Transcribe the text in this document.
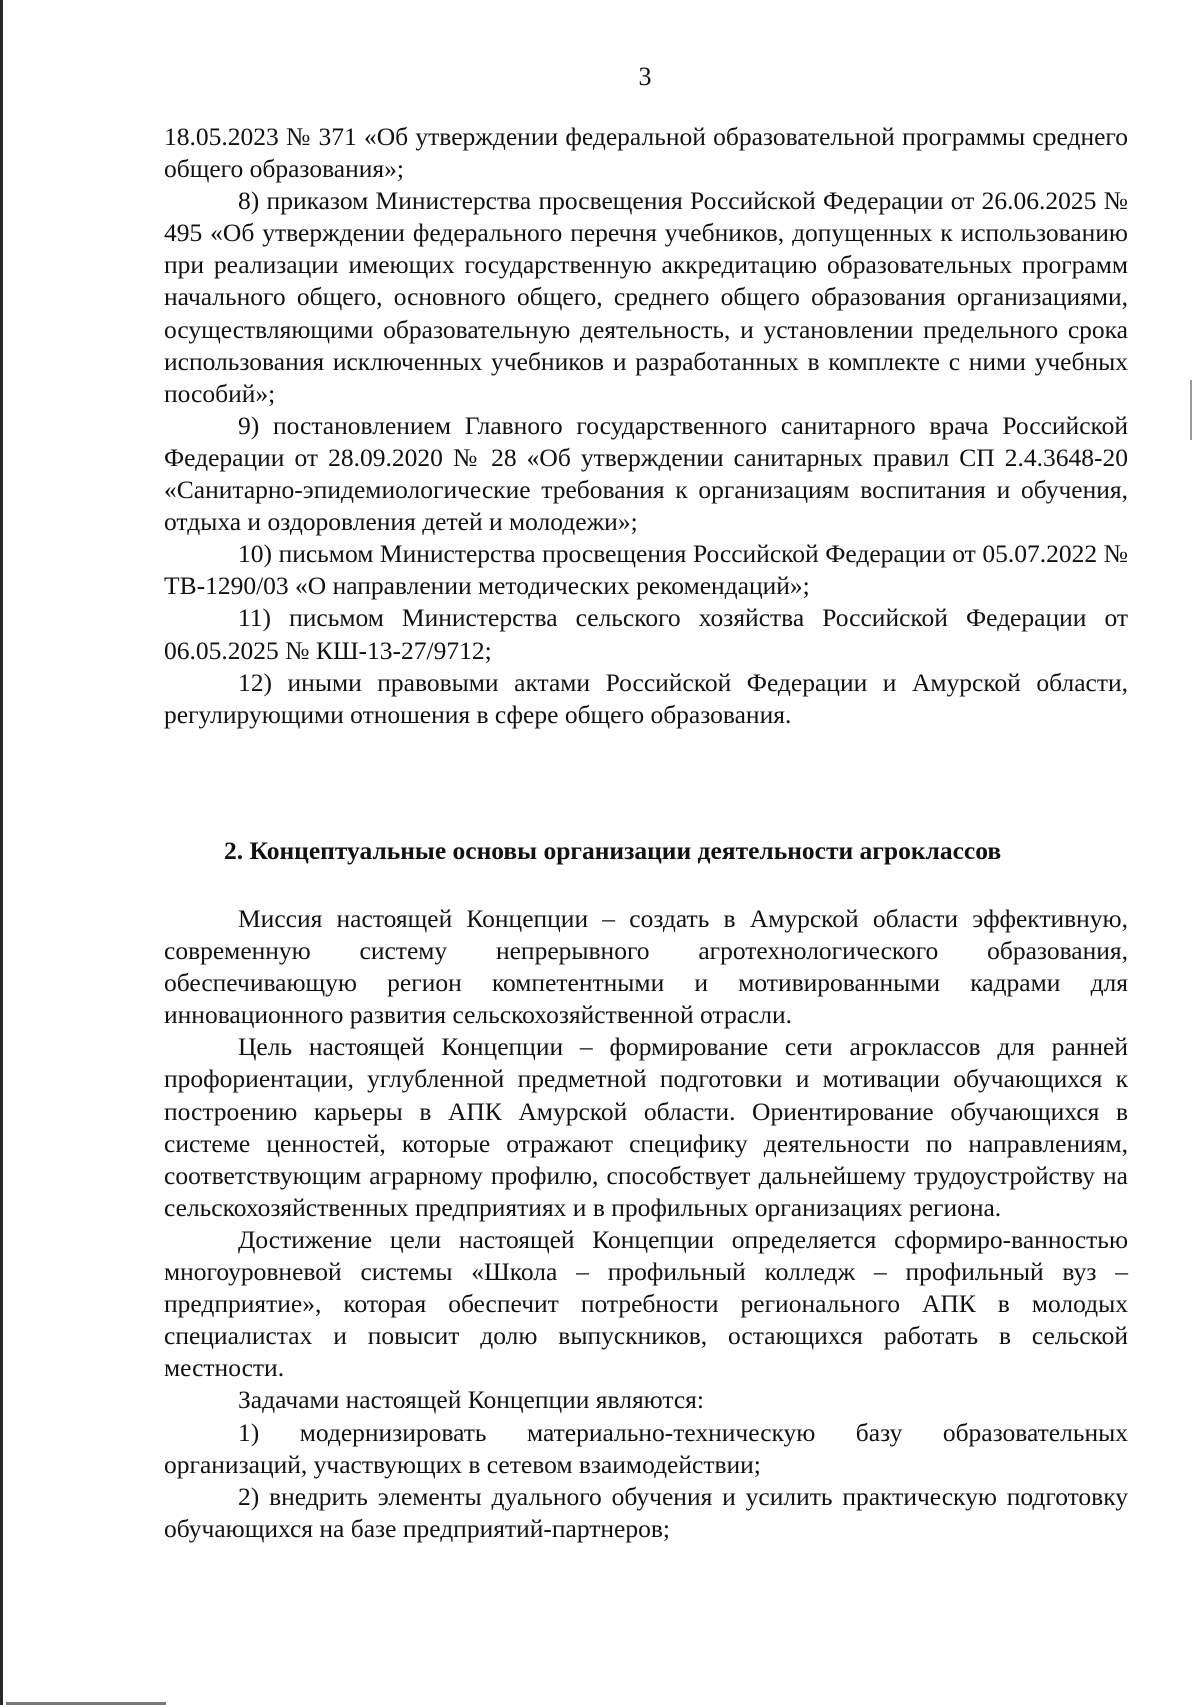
3

18.05.2023 № 371 «Об утверждении федеральной образовательной программы среднего общего образования»;

8) приказом Министерства просвещения Российской Федерации от 26.06.2025 № 495 «Об утверждении федерального перечня учебников, допущенных к использованию при реализации имеющих государственную аккредитацию образовательных программ начального общего, основного общего, среднего общего образования организациями, осуществляющими образовательную деятельность, и установлении предельного срока использования исключенных учебников и разработанных в комплекте с ними учебных пособий»;

9) постановлением Главного государственного санитарного врача Российской Федерации от 28.09.2020 № 28 «Об утверждении санитарных правил СП 2.4.3648-20 «Санитарно-эпидемиологические требования к организациям воспитания и обучения, отдыха и оздоровления детей и молодежи»;

10) письмом Министерства просвещения Российской Федерации от 05.07.2022 № ТВ-1290/03 «О направлении методических рекомендаций»;

11) письмом Министерства сельского хозяйства Российской Федерации от 06.05.2025 № КШ-13-27/9712;

12) иными правовыми актами Российской Федерации и Амурской области, регулирующими отношения в сфере общего образования.

2. Концептуальные основы организации деятельности агроклассов

Миссия настоящей Концепции – создать в Амурской области эффективную, современную систему непрерывного агротехнологического образования, обеспечивающую регион компетентными и мотивированными кадрами для инновационного развития сельскохозяйственной отрасли.

Цель настоящей Концепции – формирование сети агроклассов для ранней профориентации, углубленной предметной подготовки и мотивации обучающихся к построению карьеры в АПК Амурской области. Ориентирование обучающихся в системе ценностей, которые отражают специфику деятельности по направлениям, соответствующим аграрному профилю, способствует дальнейшему трудоустройству на сельскохозяйственных предприятиях и в профильных организациях региона.

Достижение цели настоящей Концепции определяется сформиро-ванностью многоуровневой системы «Школа – профильный колледж – профильный вуз – предприятие», которая обеспечит потребности регионального АПК в молодых специалистах и повысит долю выпускников, остающихся работать в сельской местности.

Задачами настоящей Концепции являются:

1) модернизировать материально-техническую базу образовательных организаций, участвующих в сетевом взаимодействии;

2) внедрить элементы дуального обучения и усилить практическую подготовку обучающихся на базе предприятий-партнеров;
